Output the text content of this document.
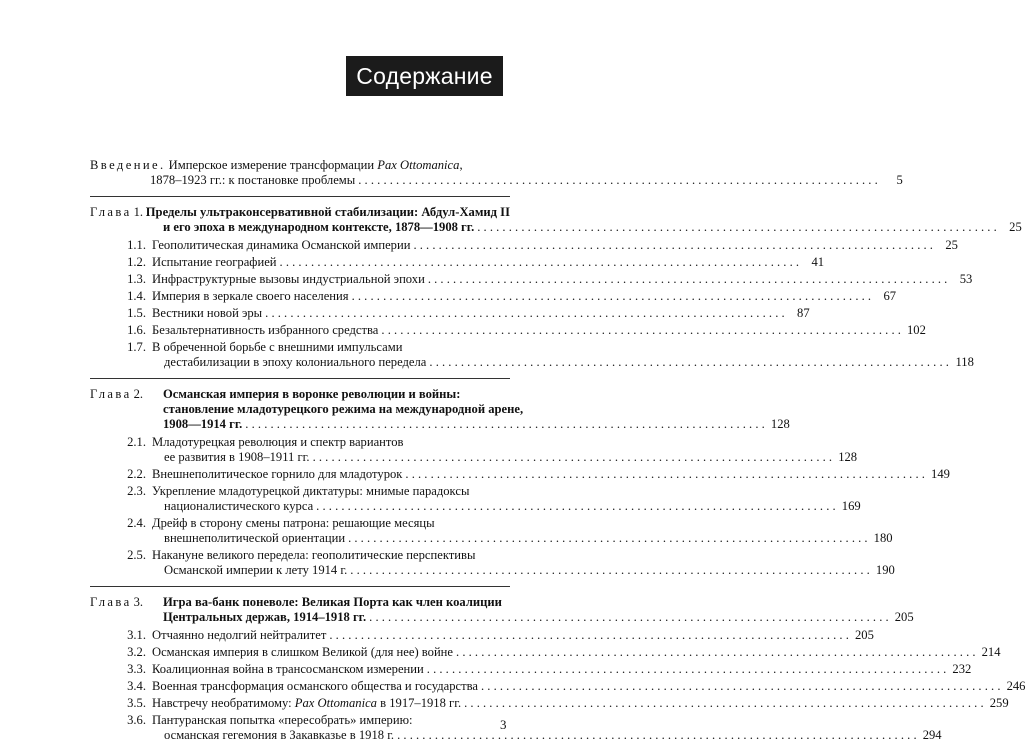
Содержание
Введение. Имперское измерение трансформации Pax Ottomanica,
1878–1923 гг.: к постановке проблемы . . .	5
Глава 1. Пределы ультраконсервативной стабилизации: Абдул-Хамид II
и его эпоха в международном контексте, 1878—1908 гг. . . .	25
1.1. Геополитическая динамика Османской империи . . .	25
1.2. Испытание географией . . .	41
1.3. Инфраструктурные вызовы индустриальной эпохи . . .	53
1.4. Империя в зеркале своего населения . . .	67
1.5. Вестники новой эры . . .	87
1.6. Безальтернативность избранного средства . . .	102
1.7. В обреченной борьбе с внешними импульсами
дестабилизации в эпоху колониального передела . . .	118
Глава 2.	Османская империя в воронке революции и войны:
становление младотурецкого режима на международной арене,
1908—1914 гг. . . .	128
2.1. Младотурецкая революция и спектр вариантов
ее развития в 1908–1911 гг. . . .	128
2.2. Внешнеполитическое горнило для младотурок . . .	149
2.3. Укрепление младотурецкой диктатуры: мнимые парадоксы
националистического курса . . .	169
2.4. Дрейф в сторону смены патрона: решающие месяцы
внешнеполитической ориентации . . .	180
2.5. Накануне великого передела: геополитические перспективы
Османской империи к лету 1914 г. . . .	190
Глава 3.	Игра ва-банк поневоле: Великая Порта как член коалиции
Центральных держав, 1914–1918 гг. . . .	205
3.1. Отчаянно недолгий нейтралитет . . .	205
3.2. Османская империя в слишком Великой (для нее) войне . . .	214
3.3. Коалиционная война в трансосманском измерении . . .	232
3.4. Военная трансформация османского общества и государства . . .	246
3.5. Навстречу необратимому: Pax Ottomanica в 1917–1918 гг. . . .	259
3.6. Пантуранская попытка «пересобрать» империю:
османская гегемония в Закавказье в 1918 г. . . .	294
3
